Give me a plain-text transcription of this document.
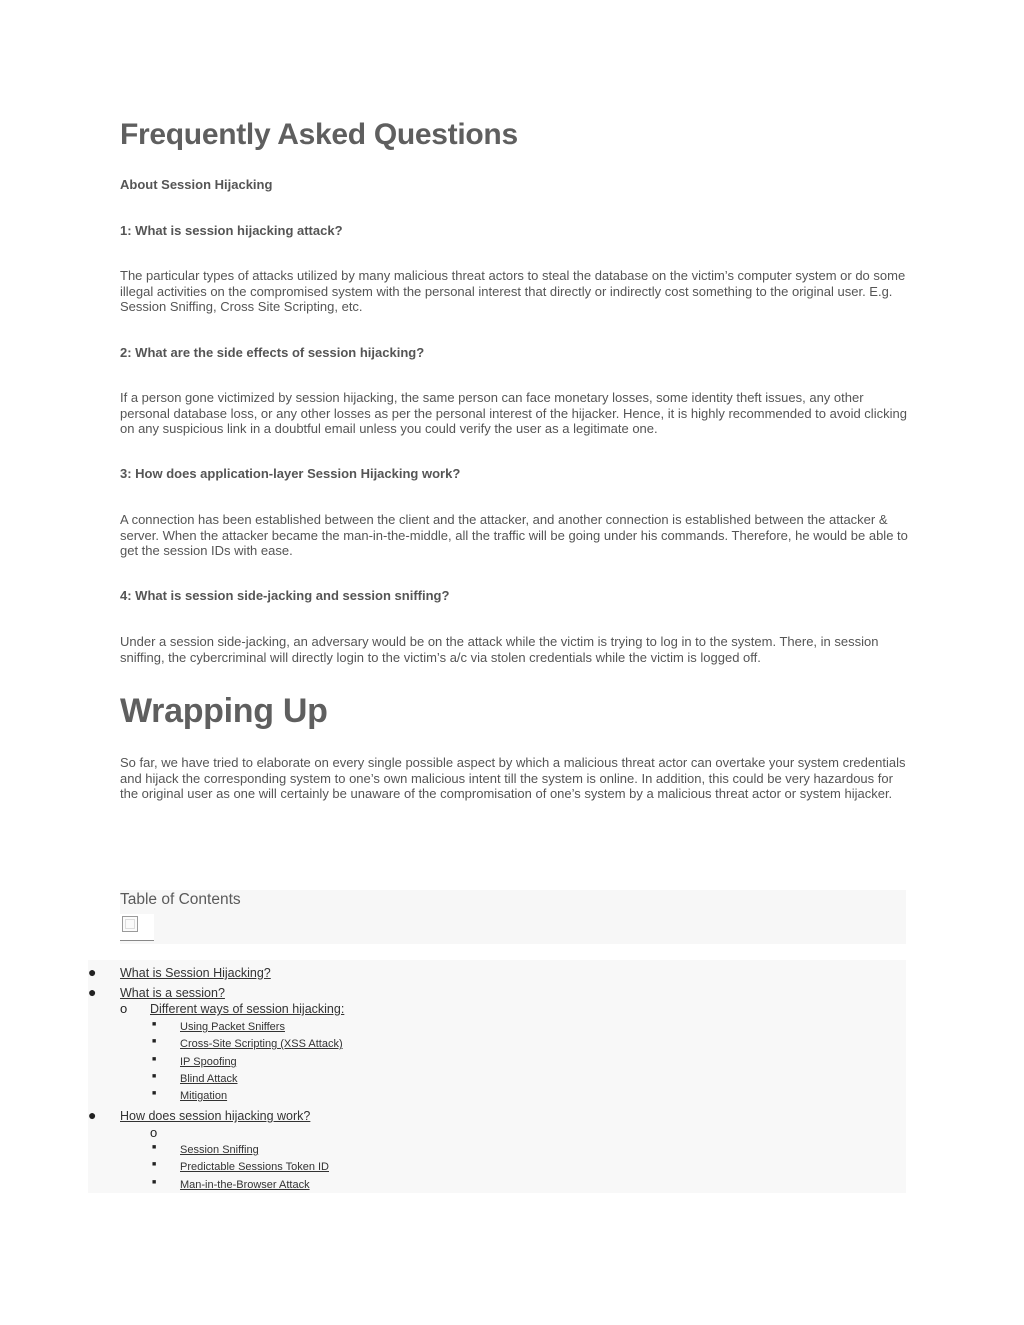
Frequently Asked Questions
About Session Hijacking
1: What is session hijacking attack?

The particular types of attacks utilized by many malicious threat actors to steal the database on the victim’s computer system or do some illegal activities on the compromised system with the personal interest that directly or indirectly cost something to the original user. E.g. Session Sniffing, Cross Site Scripting, etc.

2: What are the side effects of session hijacking?

If a person gone victimized by session hijacking, the same person can face monetary losses, some identity theft issues, any other personal database loss, or any other losses as per the personal interest of the hijacker. Hence, it is highly recommended to avoid clicking on any suspicious link in a doubtful email unless you could verify the user as a legitimate one.

3: How does application-layer Session Hijacking work?

A connection has been established between the client and the attacker, and another connection is established between the attacker & server. When the attacker became the man-in-the-middle, all the traffic will be going under his commands. Therefore, he would be able to get the session IDs with ease.

4: What is session side-jacking and session sniffing?

Under a session side-jacking, an adversary would be on the attack while the victim is trying to log in to the system. There, in session sniffing, the cybercriminal will directly login to the victim’s a/c via stolen credentials while the victim is logged off.

Wrapping Up

So far, we have tried to elaborate on every single possible aspect by which a malicious threat actor can overtake your system credentials and hijack the corresponding system to one’s own malicious intent till the system is online. In addition, this could be very hazardous for the original user as one will certainly be unaware of the compromisation of one’s system by a malicious threat actor or system hijacker.

Table of Contents
● What is Session Hijacking?
● What is a session?
o Different ways of session hijacking:
■ Using Packet Sniffers
■ Cross-Site Scripting (XSS Attack)
■ IP Spoofing
■ Blind Attack
■ Mitigation
● How does session hijacking work?
o
■ Session Sniffing
■ Predictable Sessions Token ID
■ Man-in-the-Browser Attack
